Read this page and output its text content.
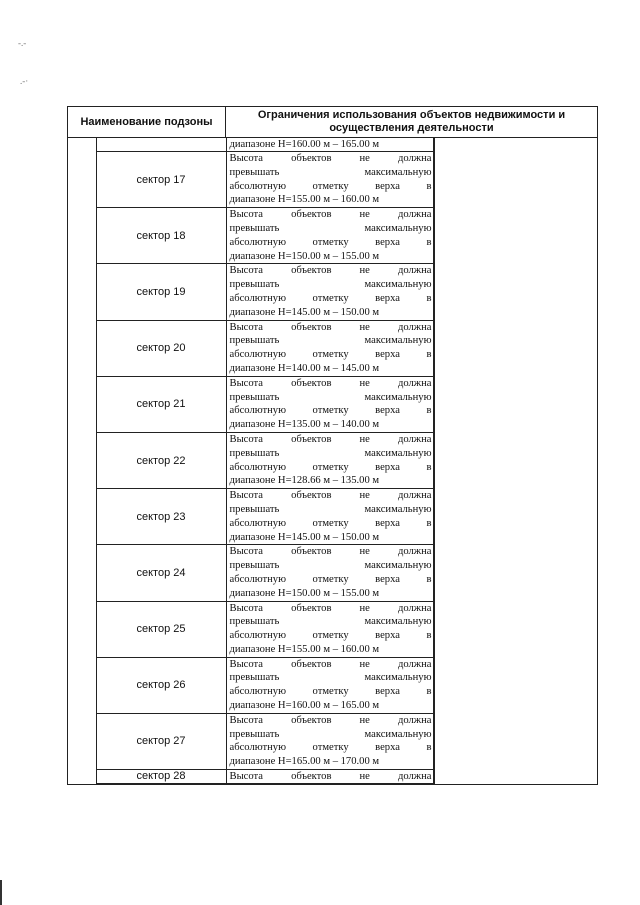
-.-
.-·
Наименование подзоны	Ограничения использования объектов недвижимости и
осуществления деятельности

		диапазоне H=160.00 м – 165.00 м
сектор 17	
Высота	объектов	не	должна
превышать	максимальную
абсолютную	отметку	верха	в
диапазоне H=155.00 м – 160.00 м

сектор 18	
Высота	объектов	не	должна
превышать	максимальную
абсолютную	отметку	верха	в
диапазоне H=150.00 м – 155.00 м

сектор 19	
Высота	объектов	не	должна
превышать	максимальную
абсолютную	отметку	верха	в
диапазоне H=145.00 м – 150.00 м

сектор 20	
Высота	объектов	не	должна
превышать	максимальную
абсолютную	отметку	верха	в
диапазоне H=140.00 м – 145.00 м

сектор 21	
Высота	объектов	не	должна
превышать	максимальную
абсолютную	отметку	верха	в
диапазоне H=135.00 м – 140.00 м

сектор 22	
Высота	объектов	не	должна
превышать	максимальную
абсолютную	отметку	верха	в
диапазоне H=128.66 м – 135.00 м

сектор 23	
Высота	объектов	не	должна
превышать	максимальную
абсолютную	отметку	верха	в
диапазоне H=145.00 м – 150.00 м

сектор 24	
Высота	объектов	не	должна
превышать	максимальную
абсолютную	отметку	верха	в
диапазоне H=150.00 м – 155.00 м

сектор 25	
Высота	объектов	не	должна
превышать	максимальную
абсолютную	отметку	верха	в
диапазоне H=155.00 м – 160.00 м

сектор 26	
Высота	объектов	не	должна
превышать	максимальную
абсолютную	отметку	верха	в
диапазоне H=160.00 м – 165.00 м

сектор 27	
Высота	объектов	не	должна
превышать	максимальную
абсолютную	отметку	верха	в
диапазоне H=165.00 м – 170.00 м

сектор 28	Высота	объектов	не	должна
